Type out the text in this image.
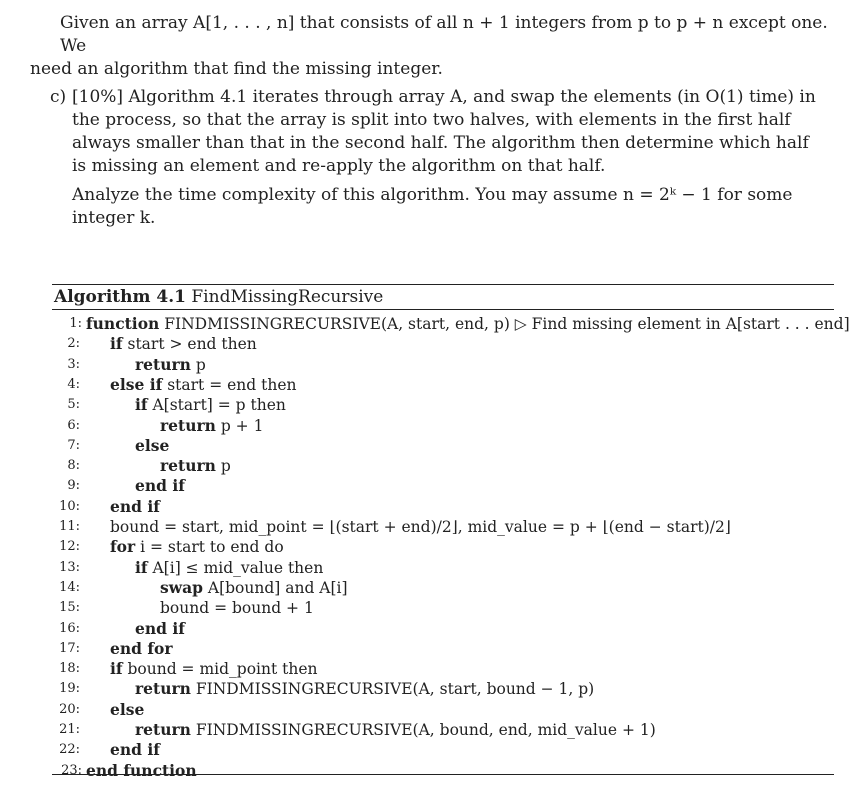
Given an array A[1, . . . , n] that consists of all n + 1 integers from p to p + n except one. We
need an algorithm that find the missing integer.
c) [10%] Algorithm 4.1 iterates through array A, and swap the elements (in O(1) time) in the process, so that the array is split into two halves, with elements in the first half always smaller than that in the second half. The algorithm then determine which half is missing an element and re-apply the algorithm on that half.
Analyze the time complexity of this algorithm. You may assume n = 2ᵏ − 1 for some integer k.
Algorithm 4.1 FindMissingRecursive
1: function FINDMISSINGRECURSIVE(A, start, end, p) ▷ Find missing element in A[start . . . end]
2: if start > end then
3:	return p
4: else if start = end then
5:	if A[start] = p then
6:	return p + 1
7:	else
8:	return p
9:	end if
10: end if
11: bound = start, mid_point = ⌊(start + end)/2⌋, mid_value = p + ⌊(end − start)/2⌋
12: for i = start to end do
13:	if A[i] ≤ mid_value then
14:	swap A[bound] and A[i]
15:	bound = bound + 1
16:	end if
17: end for
18: if bound = mid_point then
19:	return FINDMISSINGRECURSIVE(A, start, bound − 1, p)
20: else
21:	return FINDMISSINGRECURSIVE(A, bound, end, mid_value + 1)
22: end if
23: end function
